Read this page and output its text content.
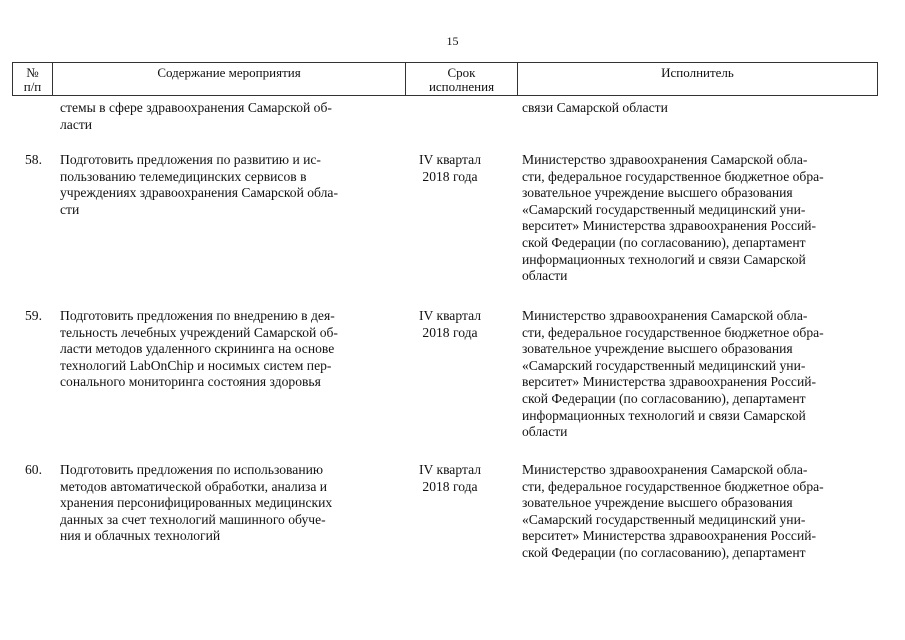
15
№
п/п
Содержание мероприятия	Срок
исполнения
Исполнитель
стемы в сфере здравоохранения Самарской об-
ласти
связи Самарской области
58. Подготовить предложения по развитию и ис-
пользованию телемедицинских сервисов в
учреждениях здравоохранения Самарской обла-
сти
IV квартал
2018 года
Министерство здравоохранения Самарской обла-
сти, федеральное государственное бюджетное обра-
зовательное учреждение высшего образования
«Самарский государственный медицинский уни-
верситет» Министерства здравоохранения Россий-
ской Федерации (по согласованию), департамент
информационных технологий и связи Самарской
области
59. Подготовить предложения по внедрению в дея-
тельность лечебных учреждений Самарской об-
ласти методов удаленного скрининга на основе
технологий LabOnChip и носимых систем пер-
сонального мониторинга состояния здоровья
IV квартал
2018 года
Министерство здравоохранения Самарской обла-
сти, федеральное государственное бюджетное обра-
зовательное учреждение высшего образования
«Самарский государственный медицинский уни-
верситет» Министерства здравоохранения Россий-
ской Федерации (по согласованию), департамент
информационных технологий и связи Самарской
области
60. Подготовить предложения по использованию
методов автоматической обработки, анализа и
хранения персонифицированных медицинских
данных за счет технологий машинного обуче-
ния и облачных технологий
IV квартал
2018 года
Министерство здравоохранения Самарской обла-
сти, федеральное государственное бюджетное обра-
зовательное учреждение высшего образования
«Самарский государственный медицинский уни-
верситет» Министерства здравоохранения Россий-
ской Федерации (по согласованию), департамент
